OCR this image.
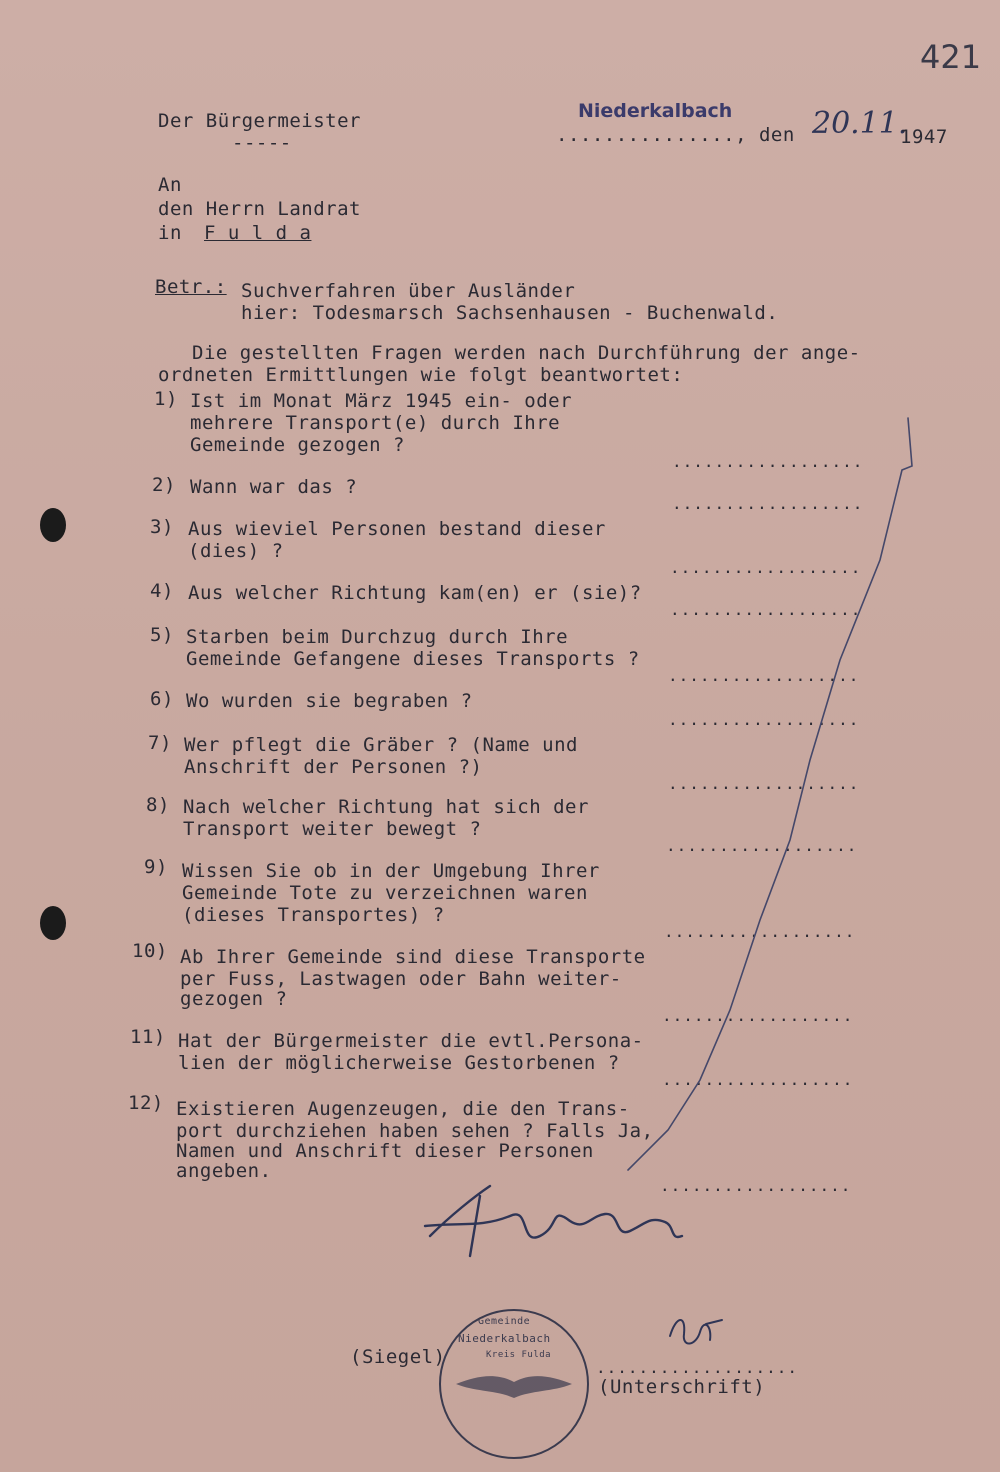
421
Der Bürgermeister
-----
Niederkalbach
..............., den 20.11.
1947
An
den Herrn Landrat
in F u l d a
Betr.: Suchverfahren über Ausländer
hier: Todesmarsch Sachsenhausen - Buchenwald.
Die gestellten Fragen werden nach Durchführung der ange-
ordneten Ermittlungen wie folgt beantwortet:
1) Ist im Monat März 1945 ein- oder
mehrere Transport(e) durch Ihre
Gemeinde gezogen ?
..................
2) Wann war das ?
..................
3) Aus wieviel Personen bestand dieser
(dies) ?
..................
4) Aus welcher Richtung kam(en) er (sie)?
..................
5) Starben beim Durchzug durch Ihre
Gemeinde Gefangene dieses Transports ?
..................
6) Wo wurden sie begraben ?
..................
7) Wer pflegt die Gräber ? (Name und
Anschrift der Personen ?)
..................
8) Nach welcher Richtung hat sich der
Transport weiter bewegt ?
..................
9) Wissen Sie ob in der Umgebung Ihrer
Gemeinde Tote zu verzeichnen waren
(dieses Transportes) ?
..................
10) Ab Ihrer Gemeinde sind diese Transporte
per Fuss, Lastwagen oder Bahn weiter-
gezogen ?
..................
11) Hat der Bürgermeister die evtl.Persona-
lien der möglicherweise Gestorbenen ?
..................
12) Existieren Augenzeugen, die den Trans-
port durchziehen haben sehen ? Falls Ja,
Namen und Anschrift dieser Personen
angeben.
..................
Gemeinde
Niederkalbach
Kreis Fulda
(Siegel)	...................
(Unterschrift)
